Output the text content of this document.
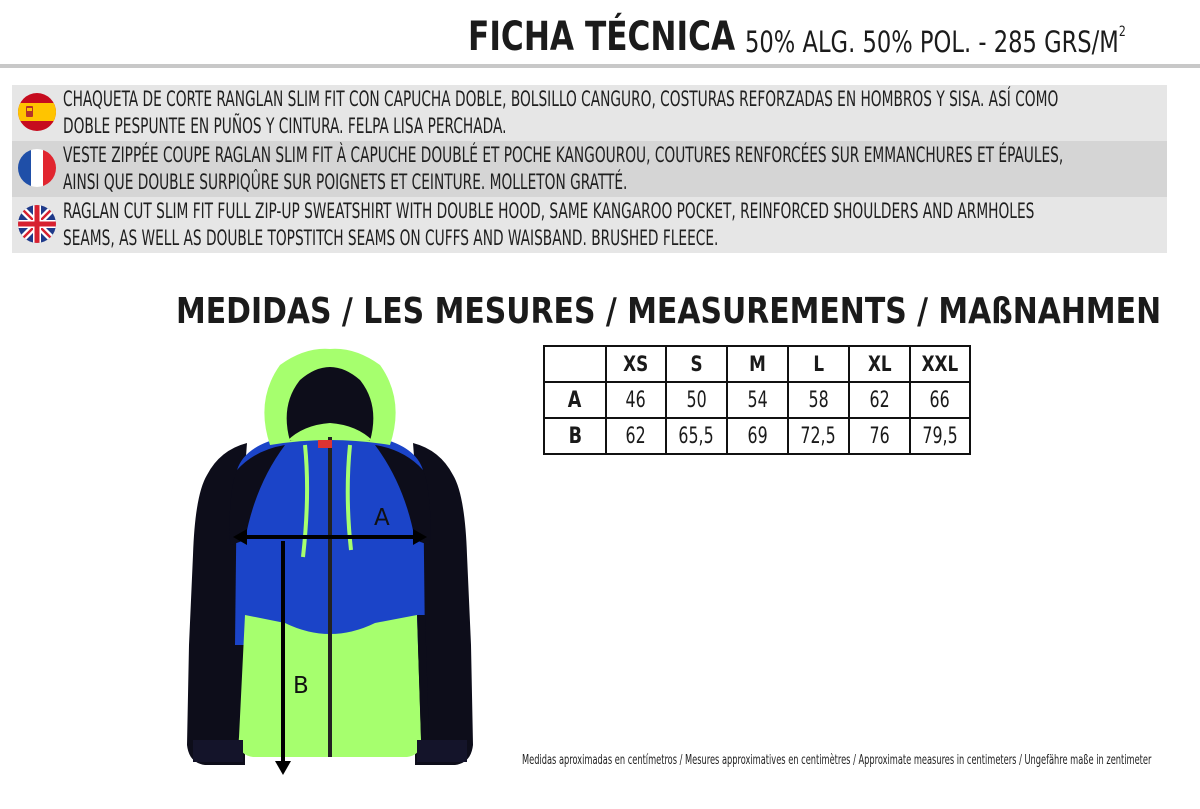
FICHA TÉCNICA 50% ALG. 50% POL. - 285 GRS/$M^2$
CHAQUETA DE CORTE RANGLAN SLIM FIT CON CAPUCHA DOBLE, BOLSILLO CANGURO, COSTURAS REFORZADAS EN HOMBROS Y SISA. ASÍ COMO
DOBLE PESPUNTE EN PUÑOS Y CINTURA. FELPA LISA PERCHADA.
VESTE ZIPPÉE COUPE RAGLAN SLIM FIT À CAPUCHE DOUBLÉ ET POCHE KANGOUROU, COUTURES RENFORCÉES SUR EMMANCHURES ET ÉPAULES,
AINSI QUE DOUBLE SURPIQÛRE SUR POIGNETS ET CEINTURE. MOLLETON GRATTÉ.
RAGLAN CUT SLIM FIT FULL ZIP-UP SWEATSHIRT WITH DOUBLE HOOD, SAME KANGAROO POCKET, REINFORCED SHOULDERS AND ARMHOLES
SEAMS, AS WELL AS DOUBLE TOPSTITCH SEAMS ON CUFFS AND WAISBAND. BRUSHED FLEECE.
MEDIDAS / LES MESURES / MEASUREMENTS / MAßNAHMEN
A
B
	XS	S	M	L	XL	XXL
A	46	50	54	58	62	66
B	62	65,5	69	72,5	76	79,5
Medidas aproximadas en centímetros / Mesures approximatives en centimètres / Approximate measures in centimeters / Ungefähre maße in zentimeter
